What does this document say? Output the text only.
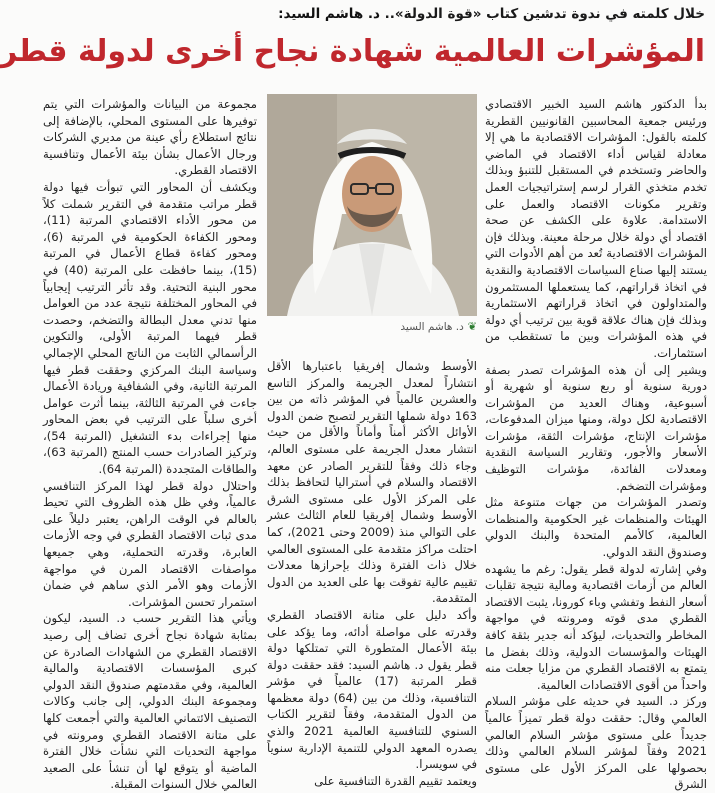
خلال كلمته في ندوة تدشين كتاب «قوة الدولة».. د. هاشم السيد:
المؤشرات العالمية شهادة نجاح أخرى لدولة قطر

بدأ الدكتور هاشم السيد الخبير الاقتصادي ورئيس جمعية المحاسبين القانونيين القطرية كلمته بالقول: المؤشرات الاقتصادية ما هي إلا معادلة لقياس أداء الاقتصاد في الماضي والحاضر وتستخدم في المستقبل للتنبؤ وبذلك تخدم متخذي القرار لرسم إستراتيجيات العمل وتقرير مكونات الاقتصاد والعمل على الاستدامة. علاوة على الكشف عن صحة اقتصاد أي دولة خلال مرحلة معينة. وبذلك فإن المؤشرات الاقتصادية تُعد من أهم الأدوات التي يستند إليها صناع السياسات الاقتصادية والنقدية في اتخاذ قراراتهم، كما يستعملها المستثمرون والمتداولون في اتخاذ قراراتهم الاستثمارية وبذلك فإن هناك علاقة قوية بين ترتيب أي دولة في هذه المؤشرات وبين ما تستقطب من استثمارات.

ويشير إلى أن هذه المؤشرات تصدر بصفة دورية سنوية أو ربع سنوية أو شهرية أو أسبوعية، وهناك العديد من المؤشرات الاقتصادية لكل دولة، ومنها ميزان المدفوعات، مؤشرات الإنتاج، مؤشرات الثقة، مؤشرات الأسعار والأجور، وتقارير السياسة النقدية ومعدلات الفائدة، مؤشرات التوظيف ومؤشرات التضخم.

وتصدر المؤشرات من جهات متنوعة مثل الهيئات والمنظمات غير الحكومية والمنظمات العالمية، كالأمم المتحدة والبنك الدولي وصندوق النقد الدولي.

وفي إشارته لدولة قطر يقول: رغم ما يشهده العالم من أزمات اقتصادية ومالية نتيجة تقلبات أسعار النفط وتفشي وباء كورونا، يثبت الاقتصاد القطري مدى قوته ومرونته في مواجهة المخاطر والتحديات، ليؤكد أنه جدير بثقة كافة الهيئات والمؤسسات الدولية، وذلك بفضل ما يتمتع به الاقتصاد القطري من مزايا جعلت منه واحداً من أقوى الاقتصادات العالمية.

وركز د. السيد في حديثه على مؤشر السلام العالمي وقال: حققت دولة قطر تميزاً عالمياً جديداً على مستوى مؤشر السلام العالمي 2021 وفقاً لمؤشر السلام العالمي وذلك بحصولها على المركز الأول على مستوى الشرق

❦د. هاشم السيد

الأوسط وشمال إفريقيا باعتبارها الأقل انتشاراً لمعدل الجريمة والمركز التاسع والعشرين عالمياً في المؤشر ذاته من بين 163 دولة شملها التقرير لتصبح ضمن الدول الأوائل الأكثر أمناً وأماناً والأقل من حيث انتشار معدل الجريمة على مستوى العالم، وجاء ذلك وفقاً للتقرير الصادر عن معهد الاقتصاد والسلام في أستراليا لتحافظ بذلك على المركز الأول على مستوى الشرق الأوسط وشمال إفريقيا للعام الثالث عشر على التوالي منذ (2009 وحتى 2021)، كما احتلت مراكز متقدمة على المستوى العالمي خلال ذات الفترة وذلك بإحرازها معدلات تقييم عالية تفوقت بها على العديد من الدول المتقدمة.

وأكد دليل على متانة الاقتصاد القطري وقدرته على مواصلة أدائه، وما يؤكد على بيئة الأعمال المتطورة التي تمتلكها دولة قطر يقول د. هاشم السيد: فقد حققت دولة قطر المرتبة (17) عالمياً في مؤشر التنافسية، وذلك من بين (64) دولة معظمها من الدول المتقدمة، وفقاً لتقرير الكتاب السنوي للتنافسية العالمية 2021 والذي يصدره المعهد الدولي للتنمية الإدارية سنوياً في سويسرا.

ويعتمد تقييم القدرة التنافسية على

مجموعة من البيانات والمؤشرات التي يتم توفيرها على المستوى المحلي، بالإضافة إلى نتائج استطلاع رأي عينة من مديري الشركات ورجال الأعمال بشأن بيئة الأعمال وتنافسية الاقتصاد القطري.

ويكشف أن المحاور التي تبوأت فيها دولة قطر مراتب متقدمة في التقرير شملت كلاً من محور الأداء الاقتصادي المرتبة (11)، ومحور الكفاءة الحكومية في المرتبة (6)، ومحور كفاءة قطاع الأعمال في المرتبة (15)، بينما حافظت على المرتبة (40) في محور البنية التحتية. وقد تأثر الترتيب إيجابياً في المحاور المختلفة نتيجة عدد من العوامل منها تدني معدل البطالة والتضخم، وحصدت قطر فيهما المرتبة الأولى، والتكوين الرأسمالي الثابت من الناتج المحلي الإجمالي وسياسة البنك المركزي وحققت قطر فيها المرتبة الثانية، وفي الشفافية وريادة الأعمال جاءت في المرتبة الثالثة، بينما أثرت عوامل أخرى سلباً على الترتيب في بعض المحاور منها إجراءات بدء التشغيل (المرتبة 54)، وتركيز الصادرات حسب المنتج (المرتبة 63)، والطاقات المتجددة (المرتبة 64).

واحتلال دولة قطر لهذا المركز التنافسي عالمياً، وفي ظل هذه الظروف التي تحيط بالعالم في الوقت الراهن، يعتبر دليلاً على مدى ثبات الاقتصاد القطري في وجه الأزمات العابرة، وقدرته التحملية، وهي جميعها مواصفات الاقتصاد المرن في مواجهة الأزمات وهو الأمر الذي ساهم في ضمان استمرار تحسن المؤشرات.

ويأتي هذا التقرير حسب د. السيد، ليكون بمثابة شهادة نجاح أخرى تضاف إلى رصيد الاقتصاد القطري من الشهادات الصادرة عن كبرى المؤسسات الاقتصادية والمالية العالمية، وفي مقدمتهم صندوق النقد الدولي ومجموعة البنك الدولي، إلى جانب وكالات التصنيف الائتماني العالمية والتي أجمعت كلها على متانة الاقتصاد القطري ومرونته في مواجهة التحديات التي نشأت خلال الفترة الماضية أو يتوقع لها أن تنشأ على الصعيد العالمي خلال السنوات المقبلة.
